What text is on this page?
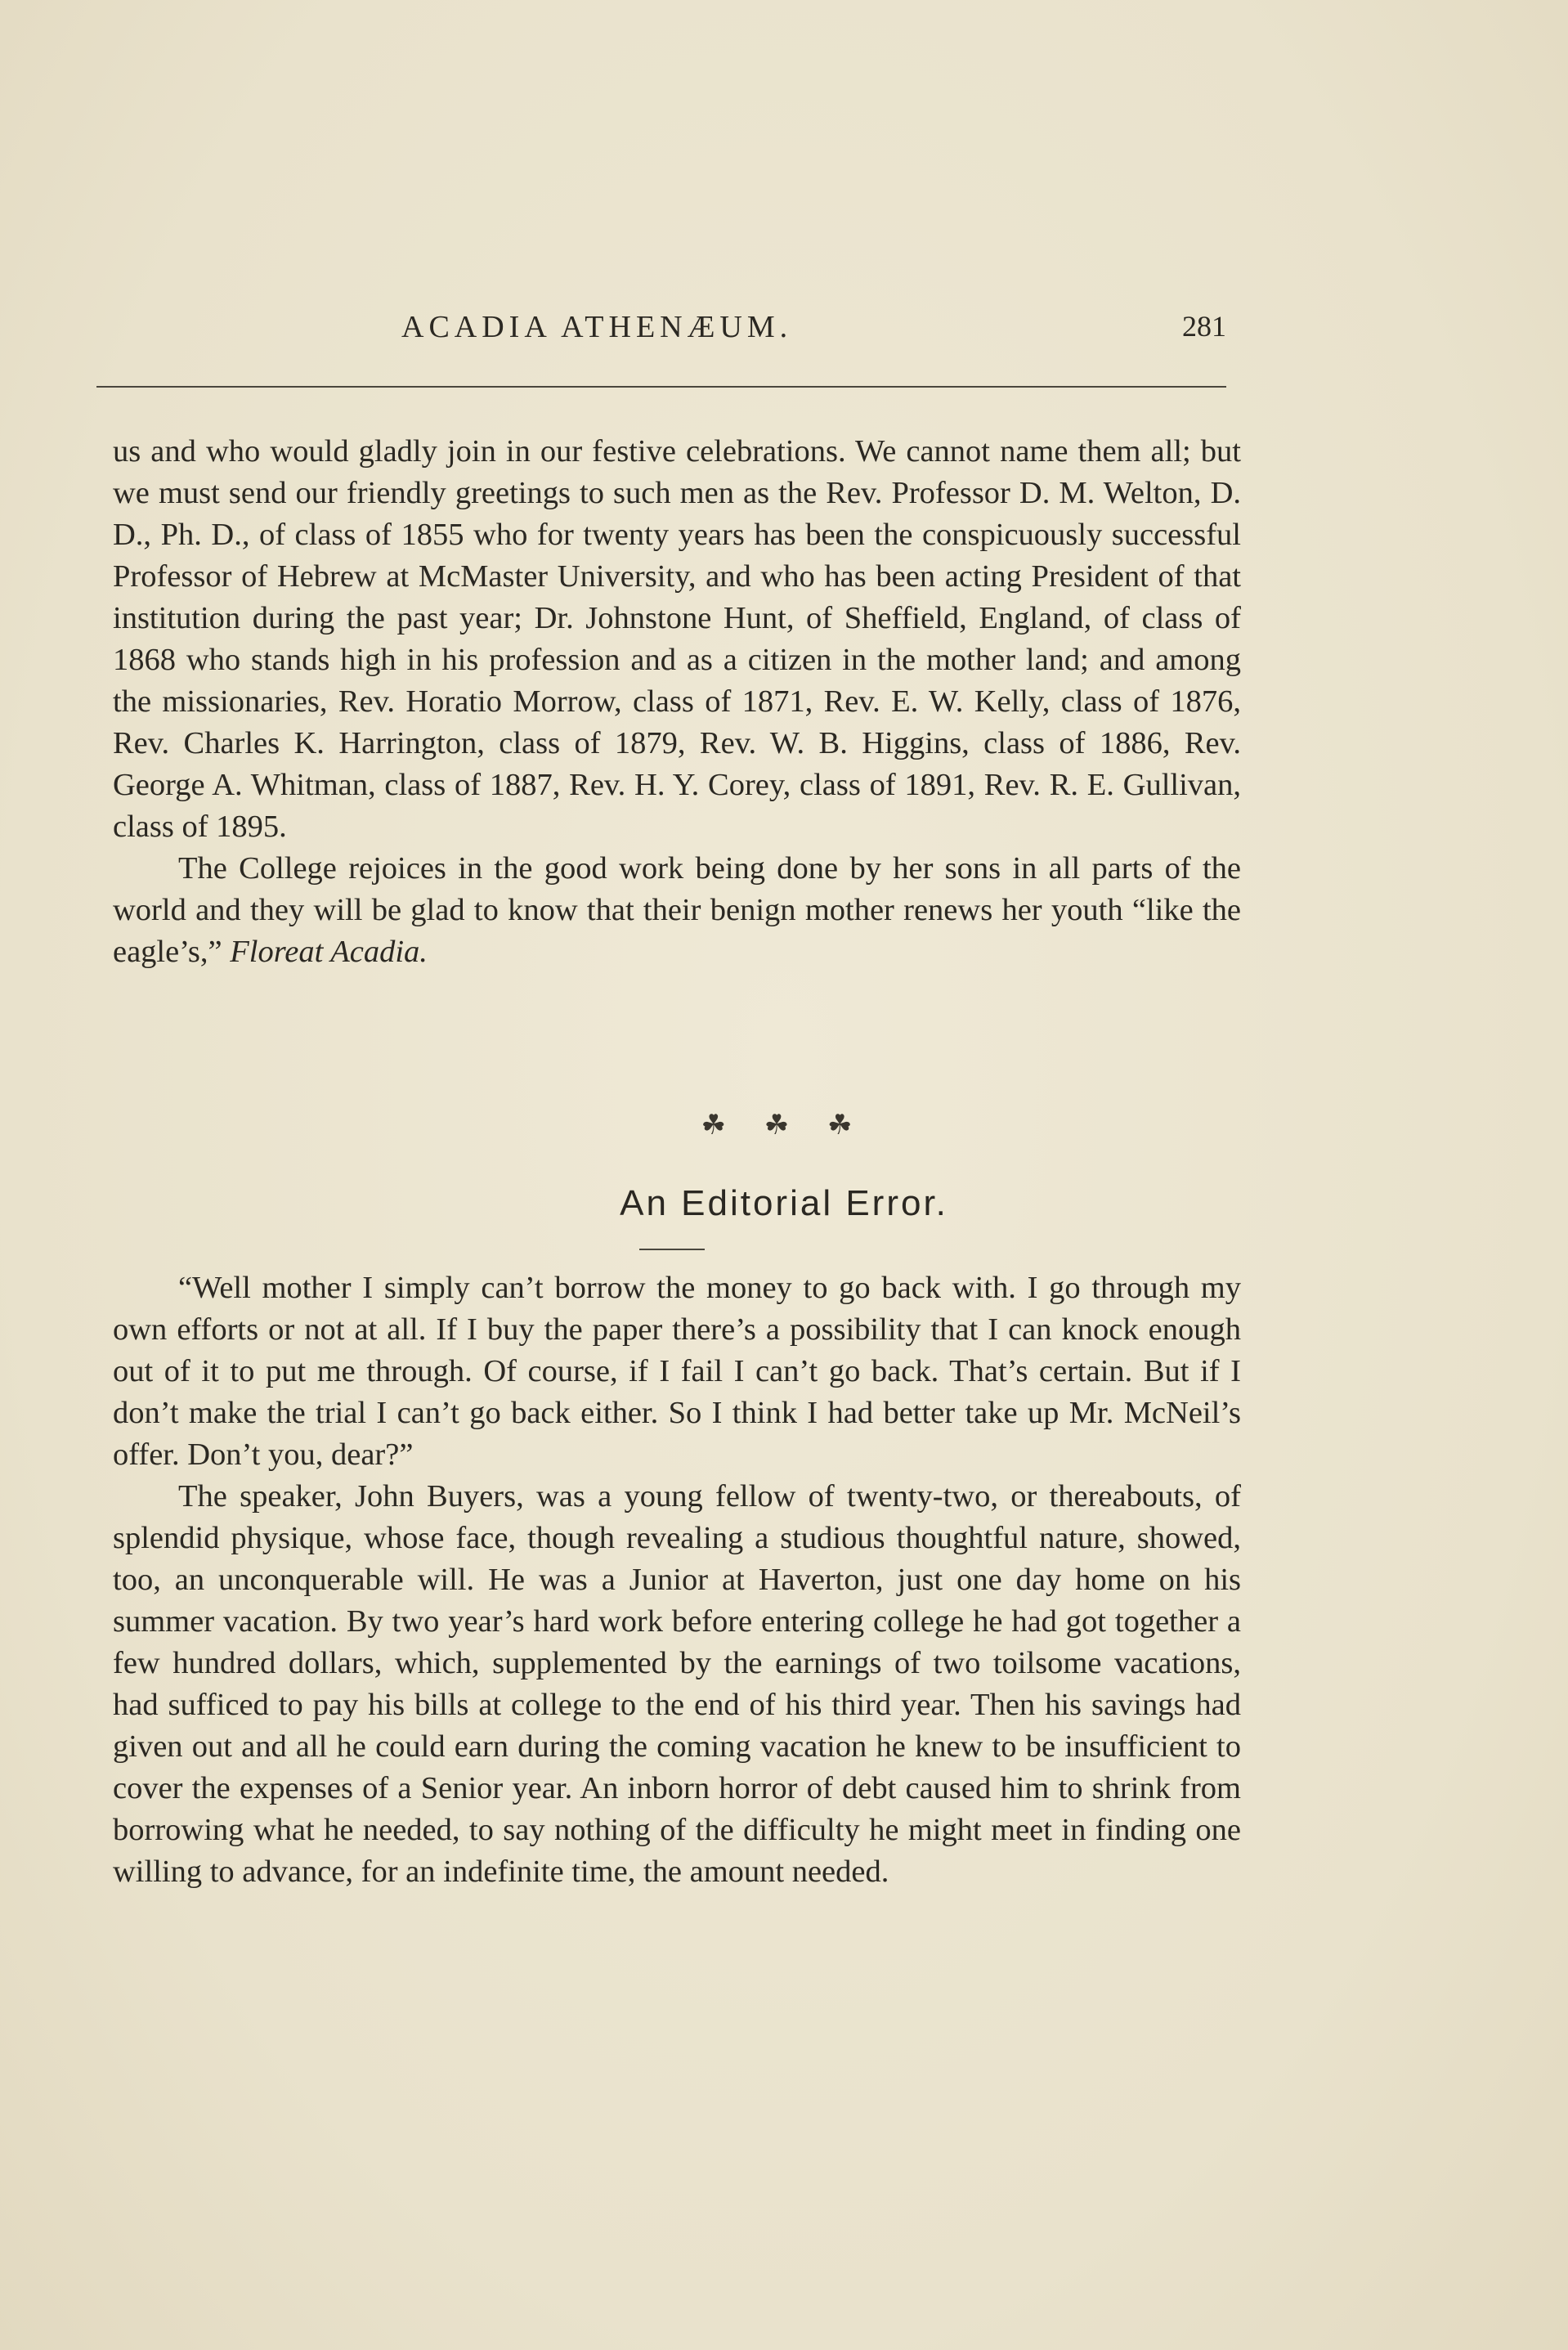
ACADIA ATHENÆUM.	281

us and who would gladly join in our festive celebrations. We cannot name them all; but we must send our friendly greetings to such men as the Rev. Professor D. M. Welton, D. D., Ph. D., of class of 1855 who for twenty years has been the conspicuously successful Professor of Hebrew at McMaster University, and who has been acting President of that institution during the past year; Dr. Johnstone Hunt, of Sheffield, England, of class of 1868 who stands high in his profession and as a citizen in the mother land; and among the missionaries, Rev. Horatio Morrow, class of 1871, Rev. E. W. Kelly, class of 1876, Rev. Charles K. Harrington, class of 1879, Rev. W. B. Higgins, class of 1886, Rev. George A. Whitman, class of 1887, Rev. H. Y. Corey, class of 1891, Rev. R. E. Gullivan, class of 1895.

The College rejoices in the good work being done by her sons in all parts of the world and they will be glad to know that their benign mother renews her youth “like the eagle’s,” Floreat Acadia.

☘ ☘ ☘
An Editorial Error.

“Well mother I simply can’t borrow the money to go back with. I go through my own efforts or not at all. If I buy the paper there’s a possibility that I can knock enough out of it to put me through. Of course, if I fail I can’t go back. That’s certain. But if I don’t make the trial I can’t go back either. So I think I had better take up Mr. McNeil’s offer. Don’t you, dear?”

The speaker, John Buyers, was a young fellow of twenty-two, or thereabouts, of splendid physique, whose face, though revealing a studious thoughtful nature, showed, too, an unconquerable will. He was a Junior at Haverton, just one day home on his summer vacation. By two year’s hard work before entering college he had got together a few hundred dollars, which, supplemented by the earnings of two toilsome vacations, had sufficed to pay his bills at college to the end of his third year. Then his savings had given out and all he could earn during the coming vacation he knew to be insufficient to cover the expenses of a Senior year. An inborn horror of debt caused him to shrink from borrowing what he needed, to say nothing of the difficulty he might meet in finding one willing to advance, for an indefinite time, the amount needed.
